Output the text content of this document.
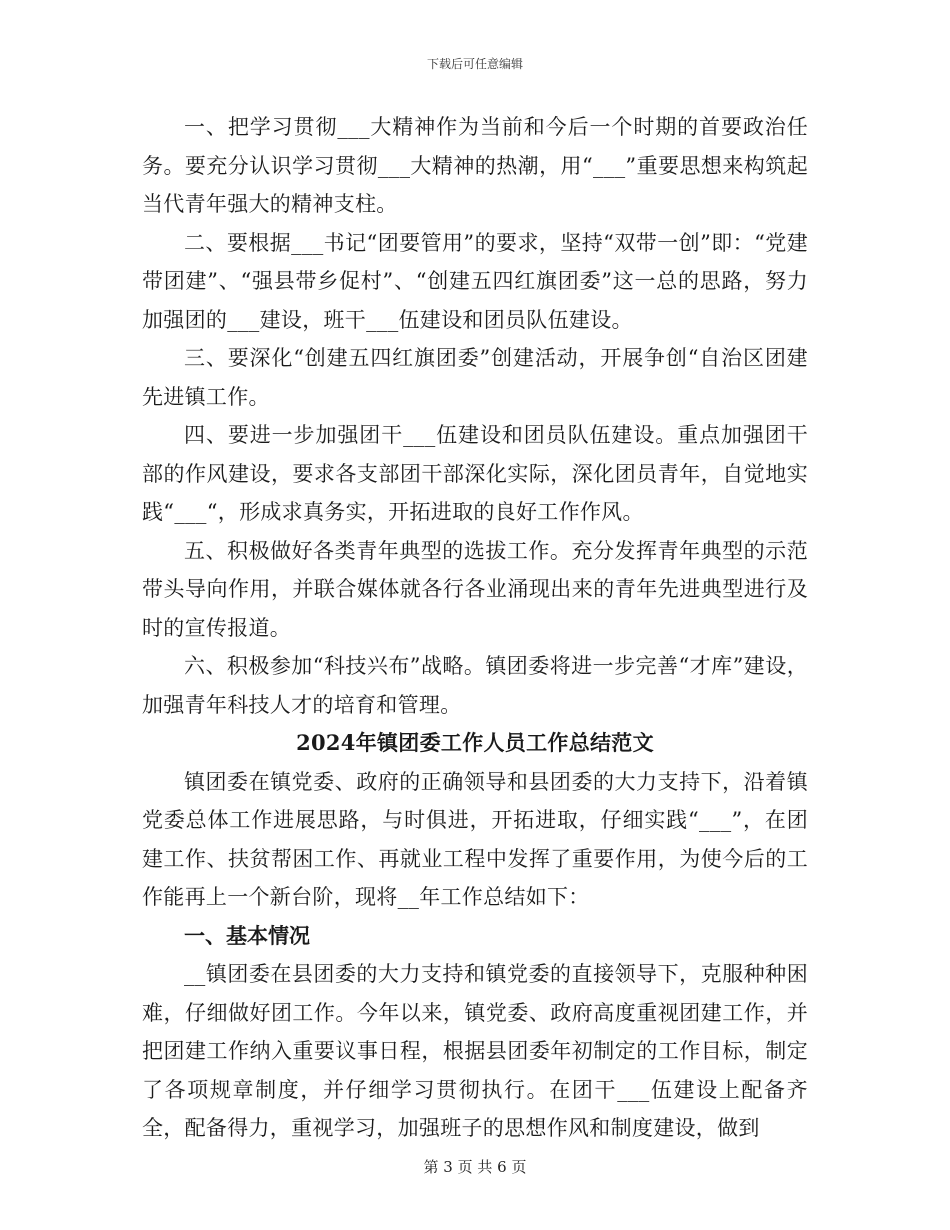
下载后可任意编辑

一、把学习贯彻___大精神作为当前和今后一个时期的首要政治任务。要充分认识学习贯彻___大精神的热潮，用“___”重要思想来构筑起当代青年强大的精神支柱。

二、要根据___书记“团要管用”的要求，坚持“双带一创”即：“党建带团建”、“强县带乡促村”、“创建五四红旗团委”这一总的思路，努力加强团的___建设，班干___伍建设和团员队伍建设。

三、要深化“创建五四红旗团委”创建活动，开展争创“自治区团建先进镇工作。

四、要进一步加强团干___伍建设和团员队伍建设。重点加强团干部的作风建设，要求各支部团干部深化实际，深化团员青年，自觉地实践“___“，形成求真务实，开拓进取的良好工作作风。

五、积极做好各类青年典型的选拔工作。充分发挥青年典型的示范带头导向作用，并联合媒体就各行各业涌现出来的青年先进典型进行及时的宣传报道。

六、积极参加“科技兴布”战略。镇团委将进一步完善“才库”建设，加强青年科技人才的培育和管理。

2024年镇团委工作人员工作总结范文

镇团委在镇党委、政府的正确领导和县团委的大力支持下，沿着镇党委总体工作进展思路，与时俱进，开拓进取，仔细实践“___”，在团建工作、扶贫帮困工作、再就业工程中发挥了重要作用，为使今后的工作能再上一个新台阶，现将__年工作总结如下：

一、基本情况

__镇团委在县团委的大力支持和镇党委的直接领导下，克服种种困难，仔细做好团工作。今年以来，镇党委、政府高度重视团建工作，并把团建工作纳入重要议事日程，根据县团委年初制定的工作目标，制定了各项规章制度，并仔细学习贯彻执行。在团干___伍建设上配备齐全，配备得力，重视学习，加强班子的思想作风和制度建设，做到

第 3 页 共 6 页
